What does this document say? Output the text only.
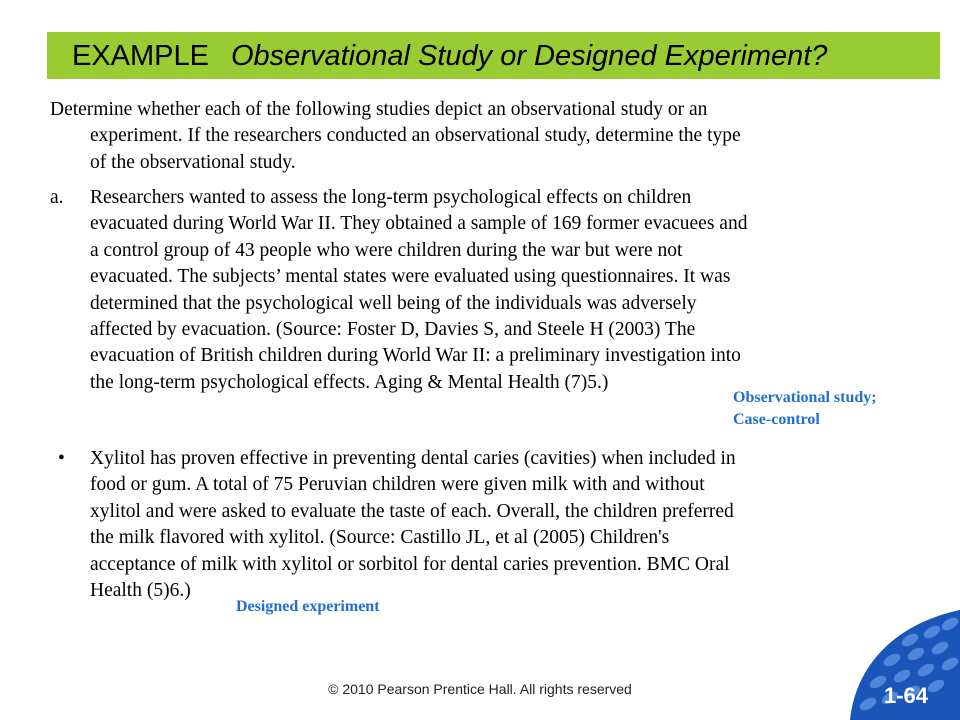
EXAMPLE Observational Study or Designed Experiment?

Determine whether each of the following studies depict an observational study or an
experiment. If the researchers conducted an observational study, determine the type
of the observational study.

a. Researchers wanted to assess the long-term psychological effects on children
evacuated during World War II. They obtained a sample of 169 former evacuees and
a control group of 43 people who were children during the war but were not
evacuated. The subjects’ mental states were evaluated using questionnaires. It was
determined that the psychological well being of the individuals was adversely
affected by evacuation. (Source: Foster D, Davies S, and Steele H (2003) The
evacuation of British children during World War II: a preliminary investigation into
the long-term psychological effects. Aging & Mental Health (7)5.)
Observational study;
Case-control
• Xylitol has proven effective in preventing dental caries (cavities) when included in
food or gum. A total of 75 Peruvian children were given milk with and without
xylitol and were asked to evaluate the taste of each. Overall, the children preferred
the milk flavored with xylitol. (Source: Castillo JL, et al (2005) Children's
acceptance of milk with xylitol or sorbitol for dental caries prevention. BMC Oral
Health (5)6.)
Designed experiment
© 2010 Pearson Prentice Hall. All rights reserved	1-64
